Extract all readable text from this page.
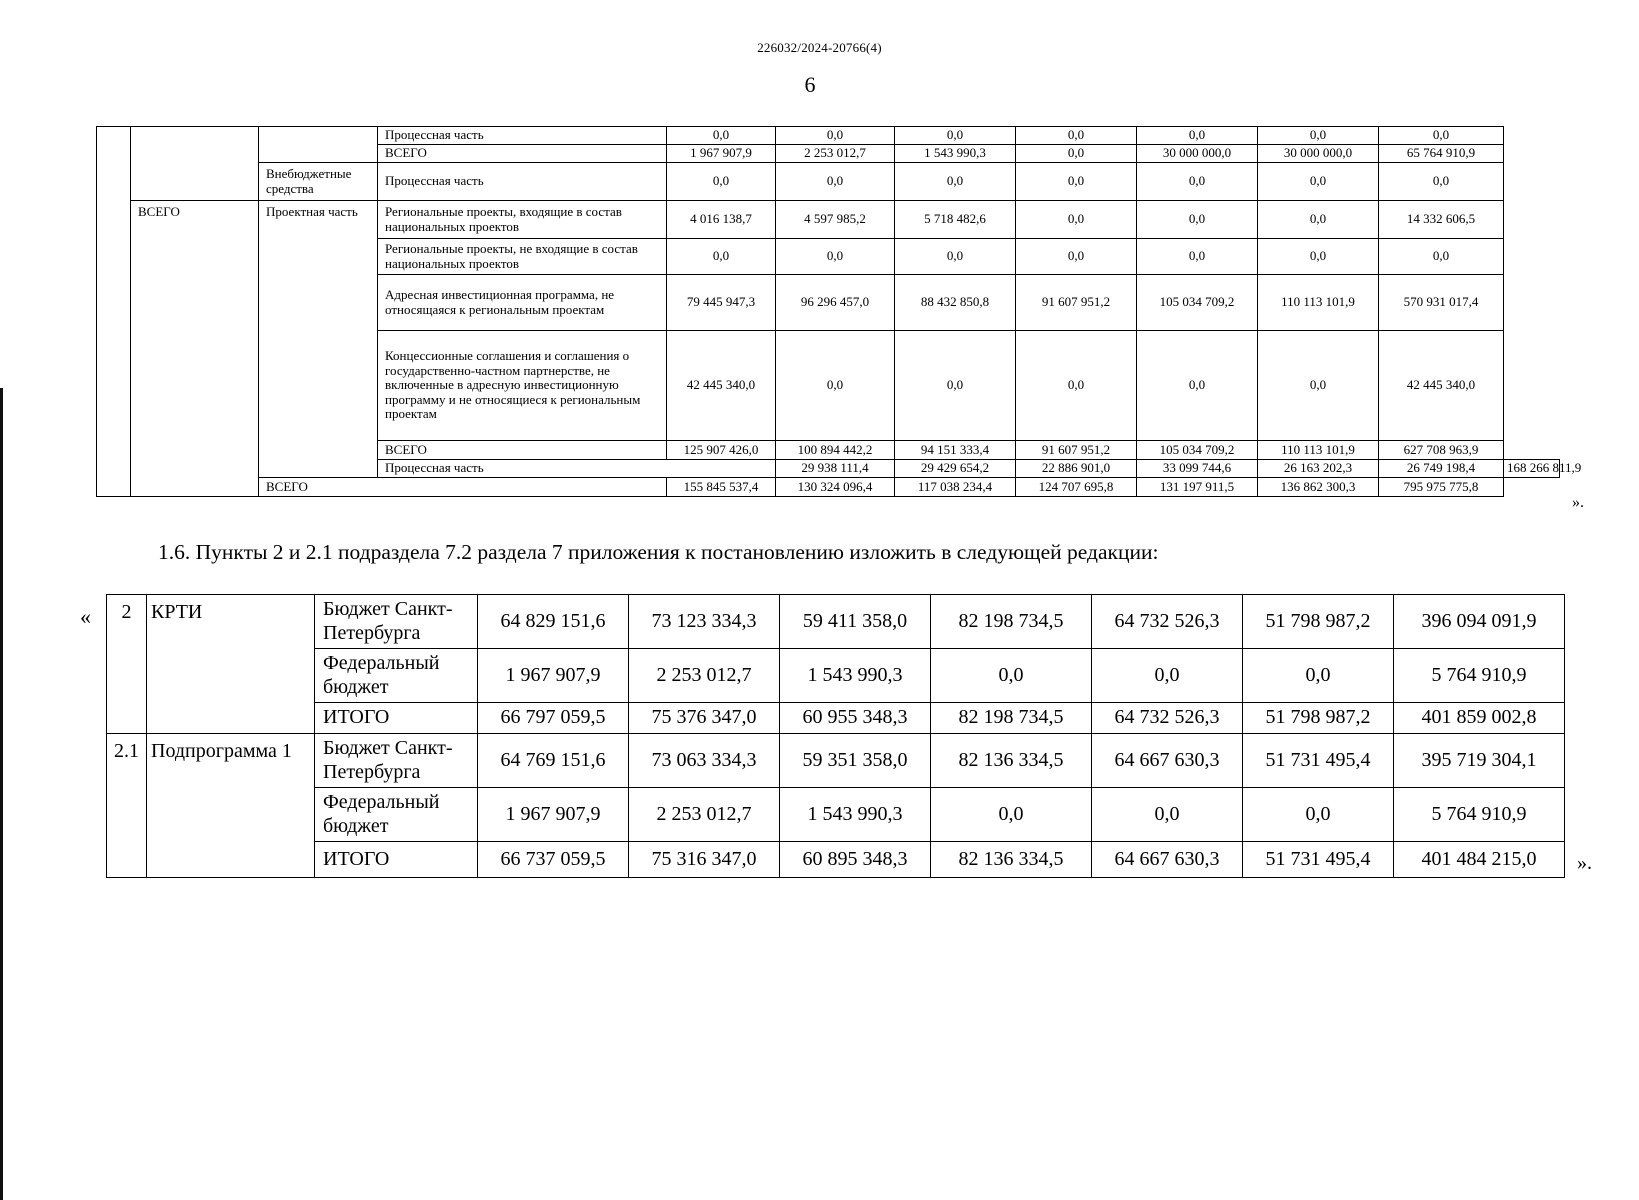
226032/2024-20766(4)
6
			Процессная часть	0,0	0,0	0,0	0,0	0,0	0,0	0,0	
			ВСЕГО	1 967 907,9	2 253 012,7	1 543 990,3	0,0	30 000 000,0	30 000 000,0	65 764 910,9	
		Внебюджетные средства	Процессная часть	0,0	0,0	0,0	0,0	0,0	0,0	0,0	
	ВСЕГО	Проектная часть	Региональные проекты, входящие в состав национальных проектов	4 016 138,7	4 597 985,2	5 718 482,6	0,0	0,0	0,0	14 332 606,5	
			Региональные проекты, не входящие в состав национальных проектов	0,0	0,0	0,0	0,0	0,0	0,0	0,0	
			Адресная инвестиционная программа, не относящаяся к региональным проектам	79 445 947,3	96 296 457,0	88 432 850,8	91 607 951,2	105 034 709,2	110 113 101,9	570 931 017,4	
			Концессионные соглашения и соглашения о государственно-частном партнерстве, не включенные в адресную инвестиционную программу и не относящиеся к региональным проектам	42 445 340,0	0,0	0,0	0,0	0,0	0,0	42 445 340,0	
			ВСЕГО	125 907 426,0	100 894 442,2	94 151 333,4	91 607 951,2	105 034 709,2	110 113 101,9	627 708 963,9	
			Процессная часть		29 938 111,4	29 429 654,2	22 886 901,0	33 099 744,6	26 163 202,3	26 749 198,4	168 266 811,9
		ВСЕГО		155 845 537,4	130 324 096,4	117 038 234,4	124 707 695,8	131 197 911,5	136 862 300,3	795 975 775,8	
».
1.6. Пункты 2 и 2.1 подраздела 7.2 раздела 7 приложения к постановлению изложить в следующей редакции:
« 2	КРТИ	Бюджет Санкт-Петербурга	64 829 151,6	73 123 334,3	59 411 358,0	82 198 734,5	64 732 526,3	51 798 987,2	396 094 091,9
		Федеральный бюджет	1 967 907,9	2 253 012,7	1 543 990,3	0,0	0,0	0,0	5 764 910,9
		ИТОГО	66 797 059,5	75 376 347,0	60 955 348,3	82 198 734,5	64 732 526,3	51 798 987,2	401 859 002,8
2.1	Подпрограмма 1	Бюджет Санкт-Петербурга	64 769 151,6	73 063 334,3	59 351 358,0	82 136 334,5	64 667 630,3	51 731 495,4	395 719 304,1
		Федеральный бюджет	1 967 907,9	2 253 012,7	1 543 990,3	0,0	0,0	0,0	5 764 910,9
		ИТОГО	66 737 059,5	75 316 347,0	60 895 348,3	82 136 334,5	64 667 630,3	51 731 495,4	401 484 215,0 ».
